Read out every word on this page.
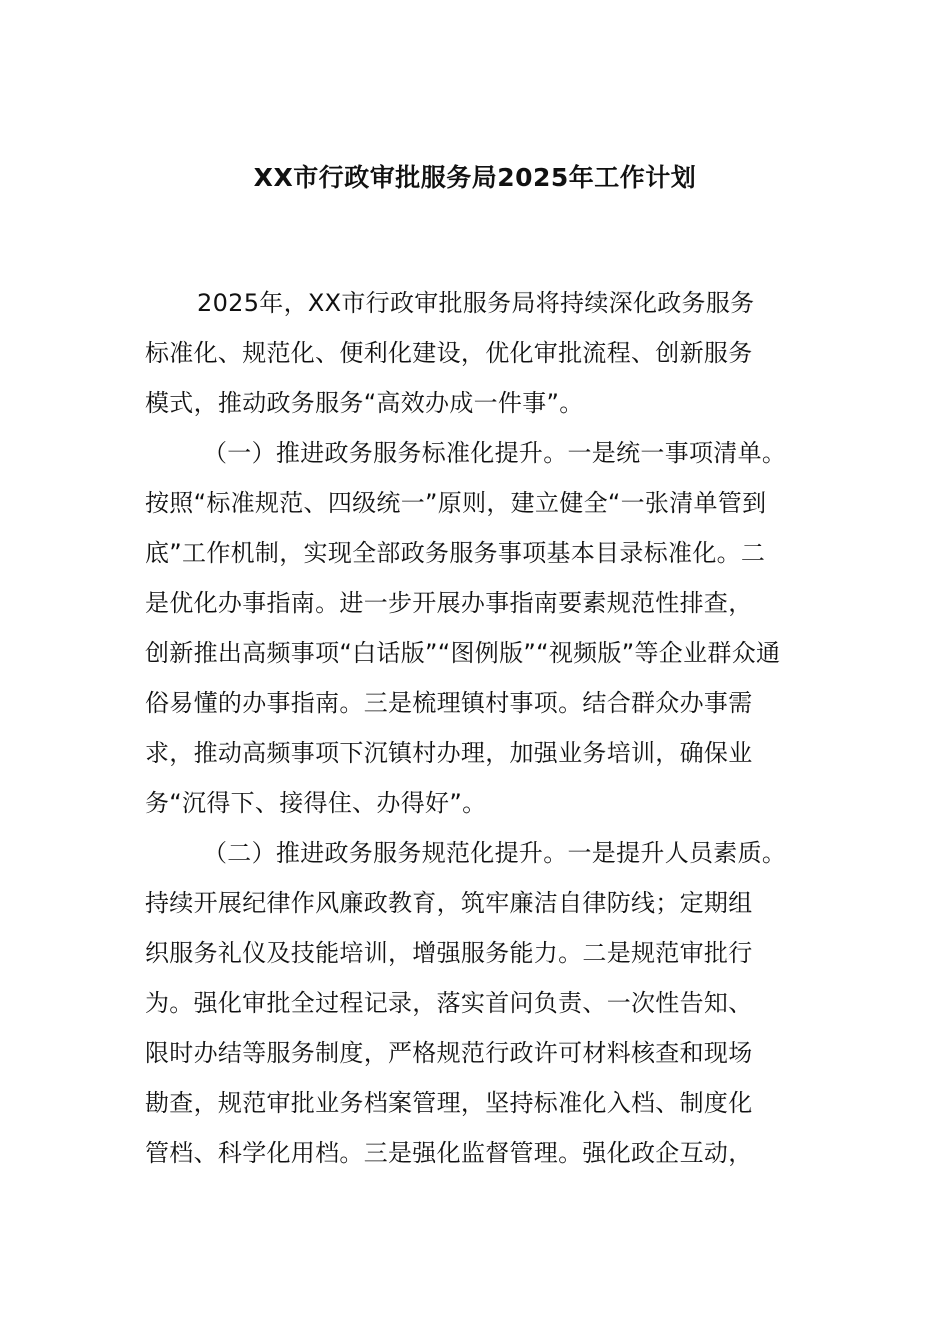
XX市行政审批服务局2025年工作计划
2025年，XX市行政审批服务局将持续深化政务服务
标准化、规范化、便利化建设，优化审批流程、创新服务
模式，推动政务服务“高效办成一件事”。
（一）推进政务服务标准化提升。一是统一事项清单。
按照“标准规范、四级统一”原则，建立健全“一张清单管到
底”工作机制，实现全部政务服务事项基本目录标准化。二
是优化办事指南。进一步开展办事指南要素规范性排查，
创新推出高频事项“白话版”“图例版”“视频版”等企业群众通
俗易懂的办事指南。三是梳理镇村事项。结合群众办事需
求，推动高频事项下沉镇村办理，加强业务培训，确保业
务“沉得下、接得住、办得好”。
（二）推进政务服务规范化提升。一是提升人员素质。
持续开展纪律作风廉政教育，筑牢廉洁自律防线；定期组
织服务礼仪及技能培训，增强服务能力。二是规范审批行
为。强化审批全过程记录，落实首问负责、一次性告知、
限时办结等服务制度，严格规范行政许可材料核查和现场
勘查，规范审批业务档案管理，坚持标准化入档、制度化
管档、科学化用档。三是强化监督管理。强化政企互动，
